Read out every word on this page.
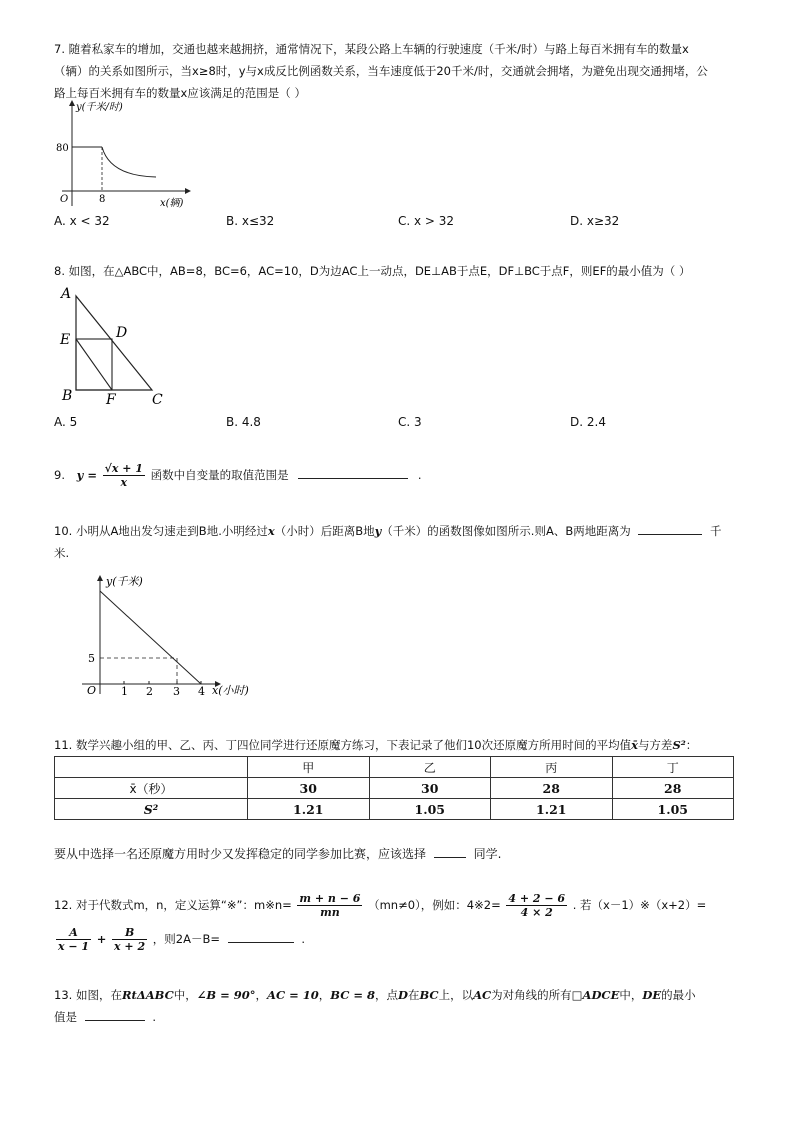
7. 随着私家车的增加，交通也越来越拥挤，通常情况下，某段公路上车辆的行驶速度（千米/时）与路上每百米拥有车的数量x
（辆）的关系如图所示，当x≥8时，y与x成反比例函数关系，当车速度低于20千米/时，交通就会拥堵，为避免出现交通拥堵，公
路上每百米拥有车的数量x应该满足的范围是（ ）
y(千米/时)
80
O	8	x(辆)
A. x < 32	B. x≤32	C. x > 32	D. x≥32
8. 如图，在△ABC中，AB=8，BC=6，AC=10，D为边AC上一动点，DE⊥AB于点E，DF⊥BC于点F，则EF的最小值为（ ）
A
E	D
B F	C
A. 5	B. 4.8	C. 3	D. 2.4
9. $y = \frac{√x + 1}{x}$ 函数中自变量的取值范围是	.
10. 小明从A地出发匀速走到B地.小明经过x（小时）后距离B地y（千米）的函数图像如图所示.则A、B两地距离为	千
米.
y(千米)
5
O 1 2 3 4 x(小时)
11. 数学兴趣小组的甲、乙、丙、丁四位同学进行还原魔方练习，下表记录了他们10次还原魔方所用时间的平均值x̄与方差S²：
	甲	乙	丙	丁
x̄（秒）	30	30	28	28
S²	1.21	1.05	1.21	1.05
要从中选择一名还原魔方用时少又发挥稳定的同学参加比赛，应该选择	同学.
12. 对于代数式m，n，定义运算“※”：m※n= $\frac{m + n - 6}{mn} (mn\ne 0)$，例如：4※2= $\frac{4 + 2 - 6}{4 \times 2}$ . 若（x－1）※（x+2）=
$\frac{A}{x - 1} + \frac{B}{x + 2}$ ，则2A－B=	.
13. 如图，在RtΔABC中，∠B = 90°，AC = 10，BC = 8，点D在BC上，以AC为对角线的所有□ADCE中，DE的最小
值是	.
